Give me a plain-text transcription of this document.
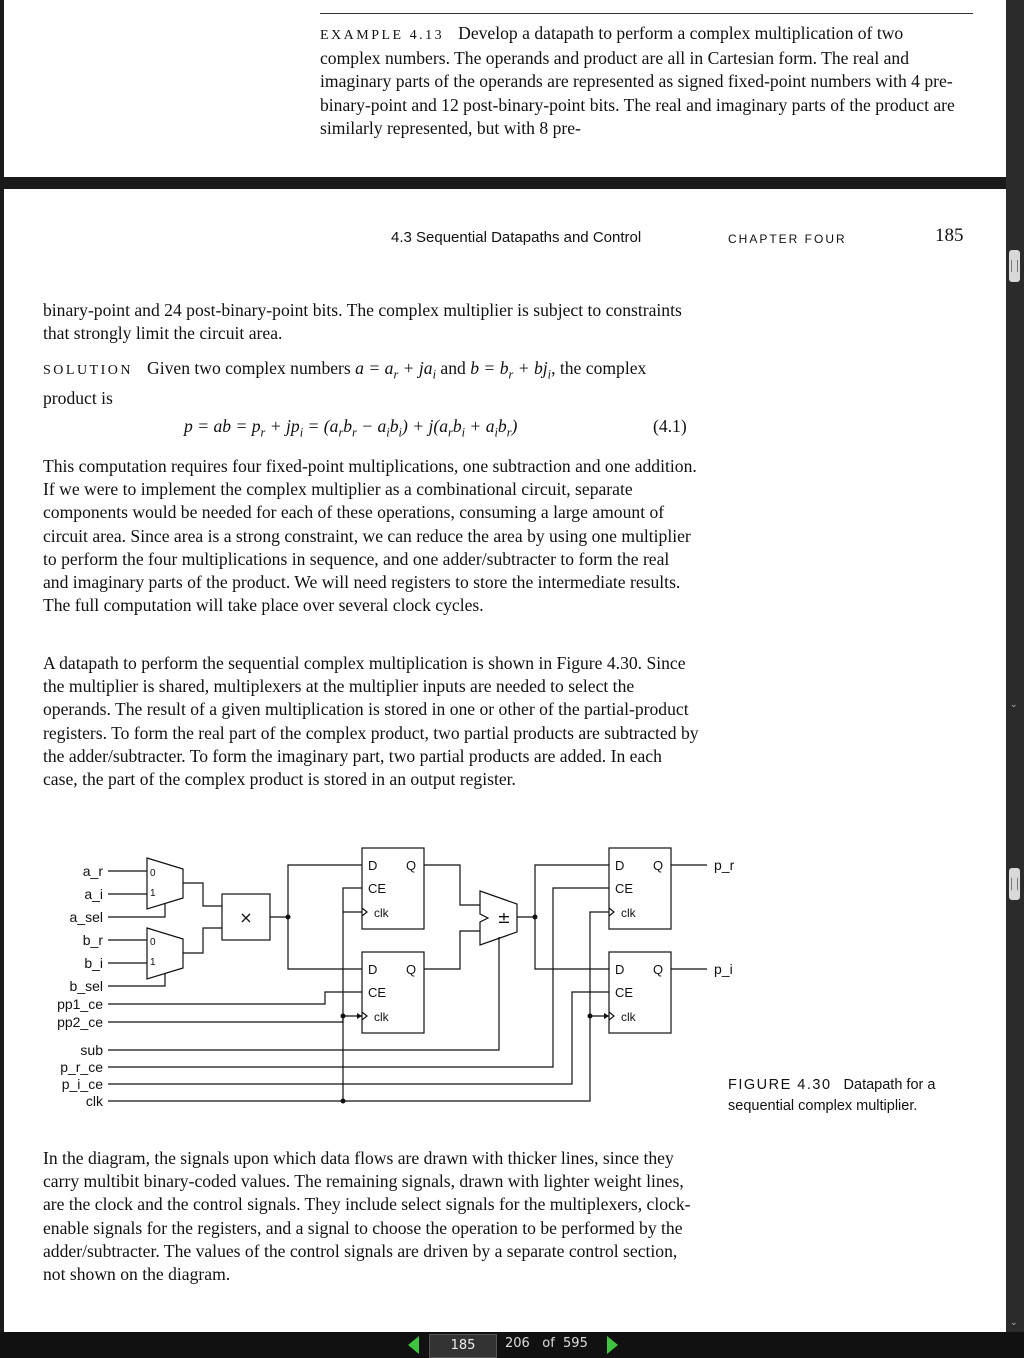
EXAMPLE 4.13 Develop a datapath to perform a complex multiplication of two complex numbers. The operands and product are all in Cartesian form. The real and imaginary parts of the operands are represented as signed fixed-point numbers with 4 pre-binary-point and 12 post-binary-point bits. The real and imaginary parts of the product are similarly represented, but with 8 pre-
4.3 Sequential Datapaths and Control	CHAPTER FOUR	185

binary-point and 24 post-binary-point bits. The complex multiplier is subject to constraints that strongly limit the circuit area.

SOLUTION Given two complex numbers $a = a_r + ja_i$ and $b = b_r + bj_i$, the complex product is

p = ab = $p_r + jp_i = (a_rb_r - a_ib_i) + j(a_rb_i + a_ib_r)$	(4.1)

This computation requires four fixed-point multiplications, one subtraction and one addition. If we were to implement the complex multiplier as a combinational circuit, separate components would be needed for each of these operations, consuming a large amount of circuit area. Since area is a strong constraint, we can reduce the area by using one multiplier to perform the four multiplications in sequence, and one adder/subtracter to form the real and imaginary parts of the product. We will need registers to store the intermediate results. The full computation will take place over several clock cycles.

A datapath to perform the sequential complex multiplication is shown in Figure 4.30. Since the multiplier is shared, multiplexers at the multiplier inputs are needed to select the operands. The result of a given multiplication is stored in one or other of the partial-product registers. To form the real part of the complex product, two partial products are subtracted by the adder/subtracter. To form the imaginary part, two partial products are added. In each case, the part of the complex product is stored in an output register.

a_r
a_i
a_sel
b_r
b_i
b_sel
pp1_ce
pp2_ce
sub
p_r_ce
p_i_ce
clk
p_r
p_i
0
1
0
1
D Q
CE
clk
D Q
CE
clk
D Q
CE
clk
D Q
CE
clk
×	±
FIGURE 4.30 Datapath for a sequential complex multiplier.

In the diagram, the signals upon which data flows are drawn with thicker lines, since they carry multibit binary-coded values. The remaining signals, drawn with lighter weight lines, are the clock and the control signals. They include select signals for the multiplexers, clock-enable signals for the registers, and a signal to choose the operation to be performed by the adder/subtracter. The values of the control signals are driven by a separate control section, not shown on the diagram.

⌄
⌄
185	206 of 595
